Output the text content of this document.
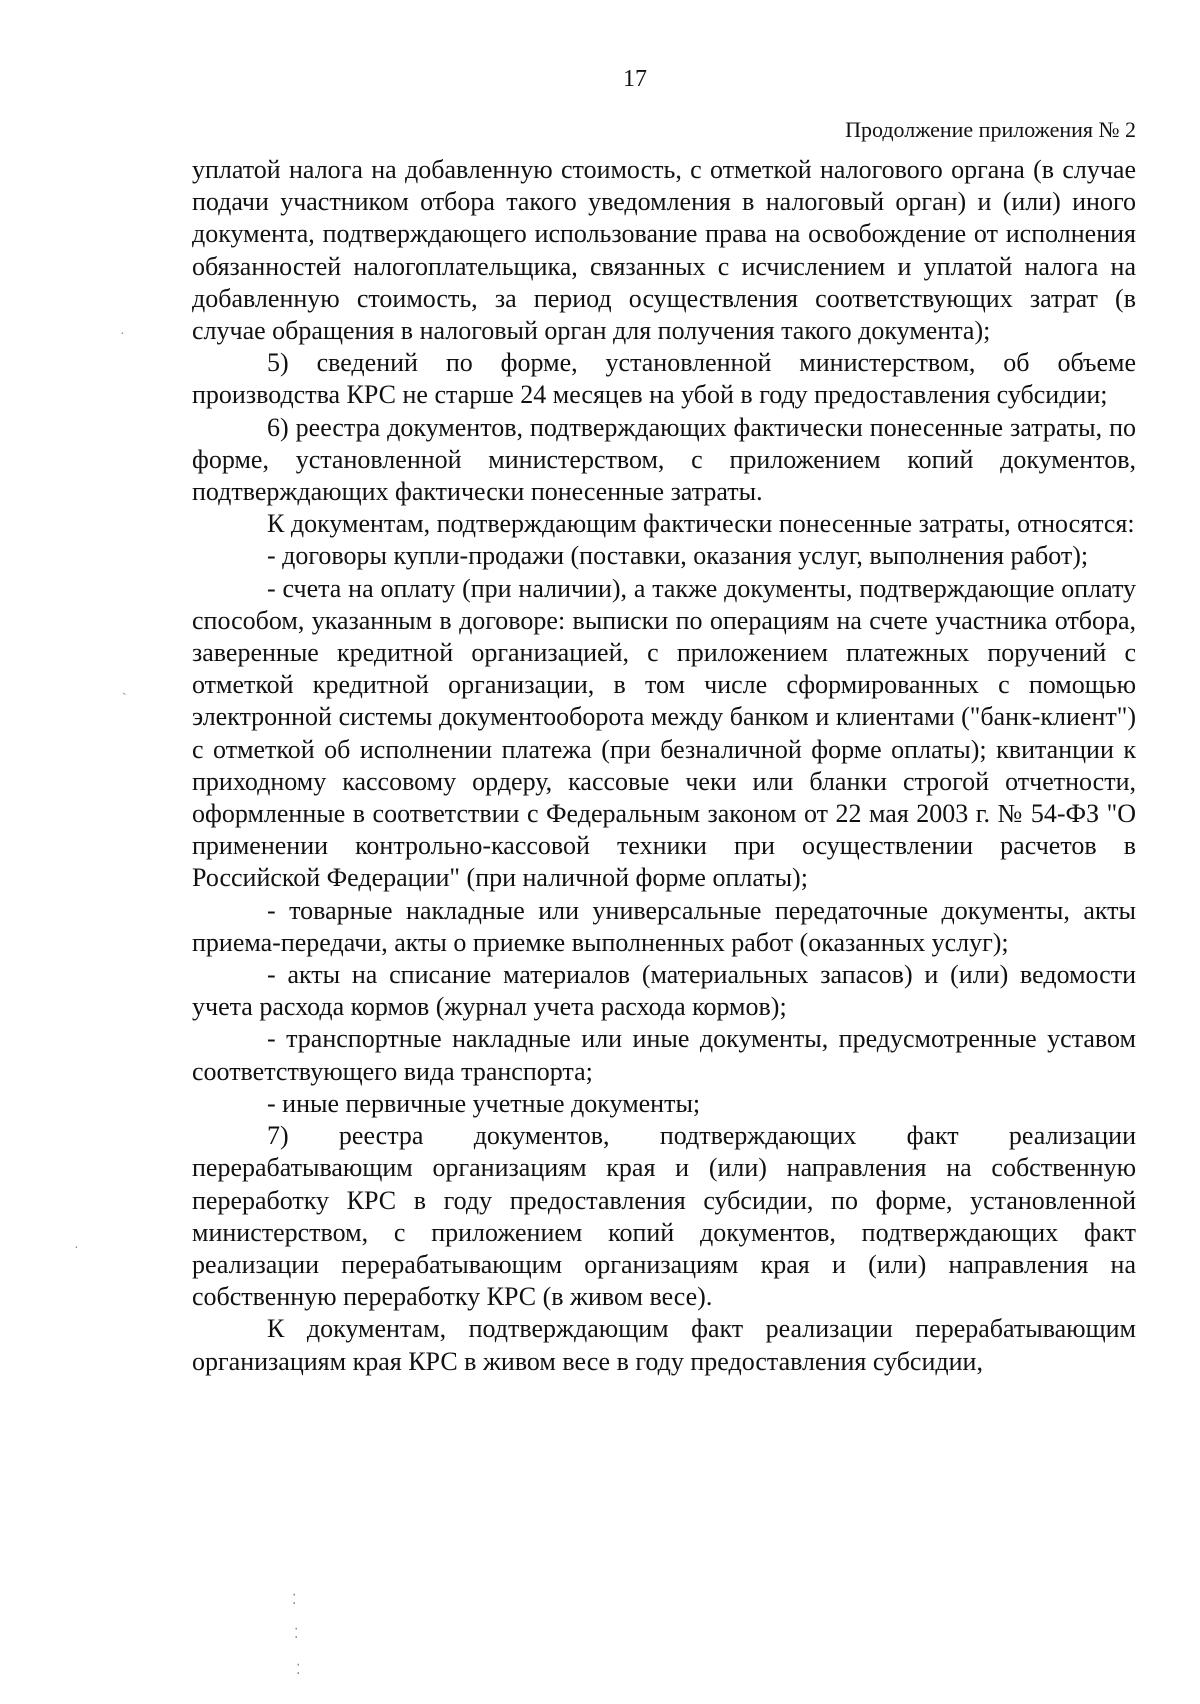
17
Продолжение приложения № 2

уплатой налога на добавленную стоимость, с отметкой налогового органа (в случае подачи участником отбора такого уведомления в налоговый орган) и (или) иного документа, подтверждающего использование права на освобождение от исполнения обязанностей налогоплательщика, связанных с исчислением и уплатой налога на добавленную стоимость, за период осуществления соответствующих затрат (в случае обращения в налоговый орган для получения такого документа);

5) сведений по форме, установленной министерством, об объеме производства КРС не старше 24 месяцев на убой в году предоставления субсидии;

6) реестра документов, подтверждающих фактически понесенные затраты, по форме, установленной министерством, с приложением копий документов, подтверждающих фактически понесенные затраты.

К документам, подтверждающим фактически понесенные затраты, относятся:

- договоры купли-продажи (поставки, оказания услуг, выполнения работ);

- счета на оплату (при наличии), а также документы, подтверждающие оплату способом, указанным в договоре: выписки по операциям на счете участника отбора, заверенные кредитной организацией, с приложением платежных поручений с отметкой кредитной организации, в том числе сформированных с помощью электронной системы документооборота между банком и клиентами ("банк-клиент") с отметкой об исполнении платежа (при безналичной форме оплаты); квитанции к приходному кассовому ордеру, кассовые чеки или бланки строгой отчетности, оформленные в соответствии с Федеральным законом от 22 мая 2003 г. № 54-ФЗ "О применении контрольно-кассовой техники при осуществлении расчетов в Российской Федерации" (при наличной форме оплаты);

- товарные накладные или универсальные передаточные документы, акты приема-передачи, акты о приемке выполненных работ (оказанных услуг);

- акты на списание материалов (материальных запасов) и (или) ведомости учета расхода кормов (журнал учета расхода кормов);

- транспортные накладные или иные документы, предусмотренные уставом соответствующего вида транспорта;

- иные первичные учетные документы;

7) реестра документов, подтверждающих факт реализации перерабатывающим организациям края и (или) направления на собственную переработку КРС в году предоставления субсидии, по форме, установленной министерством, с приложением копий документов, подтверждающих факт реализации перерабатывающим организациям края и (или) направления на собственную переработку КРС (в живом весе).

К документам, подтверждающим факт реализации перерабатывающим организациям края КРС в живом весе в году предоставления субсидии,

·
ˏ
·
⁚
⁚
⁚
